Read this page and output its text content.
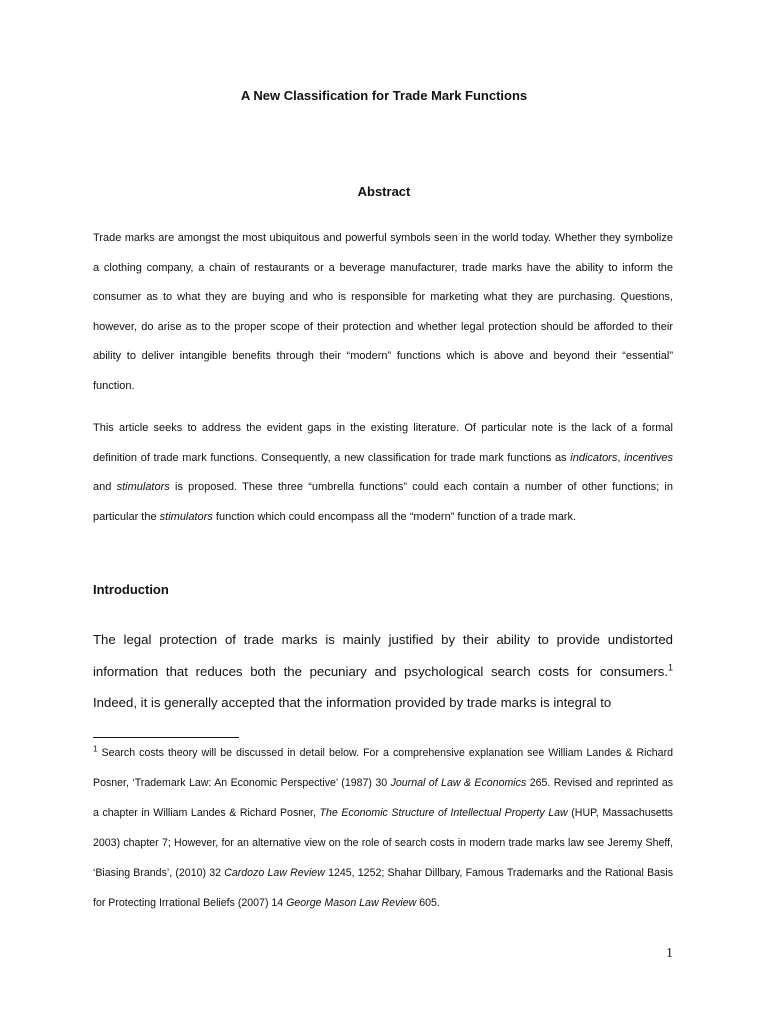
A New Classification for Trade Mark Functions
Abstract

Trade marks are amongst the most ubiquitous and powerful symbols seen in the world today. Whether they symbolize a clothing company, a chain of restaurants or a beverage manufacturer, trade marks have the ability to inform the consumer as to what they are buying and who is responsible for marketing what they are purchasing. Questions, however, do arise as to the proper scope of their protection and whether legal protection should be afforded to their ability to deliver intangible benefits through their “modern” functions which is above and beyond their “essential” function.

This article seeks to address the evident gaps in the existing literature. Of particular note is the lack of a formal definition of trade mark functions. Consequently, a new classification for trade mark functions as indicators, incentives and stimulators is proposed. These three “umbrella functions” could each contain a number of other functions; in particular the stimulators function which could encompass all the “modern” function of a trade mark.

Introduction

The legal protection of trade marks is mainly justified by their ability to provide undistorted information that reduces both the pecuniary and psychological search costs for consumers.$^1$ Indeed, it is generally accepted that the information provided by trade marks is integral to

$^1$ Search costs theory will be discussed in detail below. For a comprehensive explanation see William Landes & Richard Posner, ‘Trademark Law: An Economic Perspective’ (1987) 30 Journal of Law & Economics 265. Revised and reprinted as a chapter in William Landes & Richard Posner, The Economic Structure of Intellectual Property Law (HUP, Massachusetts 2003) chapter 7; However, for an alternative view on the role of search costs in modern trade marks law see Jeremy Sheff, ‘Biasing Brands’, (2010) 32 Cardozo Law Review 1245, 1252; Shahar Dillbary, Famous Trademarks and the Rational Basis for Protecting Irrational Beliefs (2007) 14 George Mason Law Review 605.

1
